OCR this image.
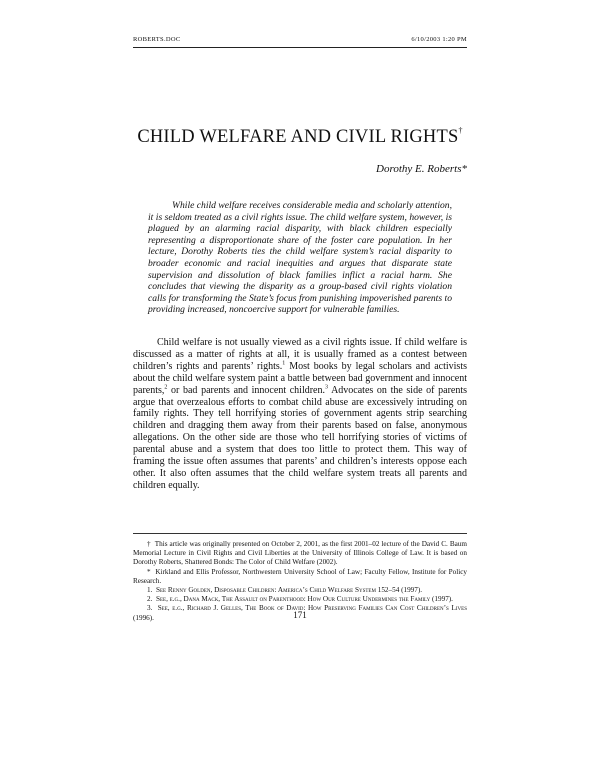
ROBERTS.DOC	6/10/2003 1:20 PM
CHILD WELFARE AND CIVIL RIGHTS†
Dorothy E. Roberts*

While child welfare receives considerable media and scholarly attention, it is seldom treated as a civil rights issue. The child welfare system, however, is plagued by an alarming racial disparity, with black children especially representing a disproportionate share of the foster care population. In her lecture, Dorothy Roberts ties the child welfare system’s racial disparity to broader economic and racial inequities and argues that disparate state supervision and dissolution of black families inflict a racial harm. She concludes that viewing the disparity as a group-based civil rights violation calls for transforming the State’s focus from punishing impoverished parents to providing increased, noncoercive support for vulnerable families.

Child welfare is not usually viewed as a civil rights issue. If child welfare is discussed as a matter of rights at all, it is usually framed as a contest between children’s rights and parents’ rights.$^1$ Most books by legal scholars and activists about the child welfare system paint a battle between bad government and innocent parents,$^2$ or bad parents and innocent children.$^3$ Advocates on the side of parents argue that overzealous efforts to combat child abuse are excessively intruding on family rights. They tell horrifying stories of government agents strip searching children and dragging them away from their parents based on false, anonymous allegations. On the other side are those who tell horrifying stories of victims of parental abuse and a system that does too little to protect them. This way of framing the issue often assumes that parents’ and children’s interests oppose each other. It also often assumes that the child welfare system treats all parents and children equally.

†  This article was originally presented on October 2, 2001, as the first 2001–02 lecture of the David C. Baum Memorial Lecture in Civil Rights and Civil Liberties at the University of Illinois College of Law. It is based on Dorothy Roberts, Shattered Bonds: The Color of Child Welfare (2002).

*  Kirkland and Ellis Professor, Northwestern University School of Law; Faculty Fellow, Institute for Policy Research.

1.  See Renny Golden, Disposable Children: America’s Child Welfare System 152–54 (1997).

2.  See, e.g., Dana Mack, The Assault on Parenthood: How Our Culture Undermines the Family (1997).

3.  See, e.g., Richard J. Gelles, The Book of David: How Preserving Families Can Cost Children’s Lives (1996).	171
